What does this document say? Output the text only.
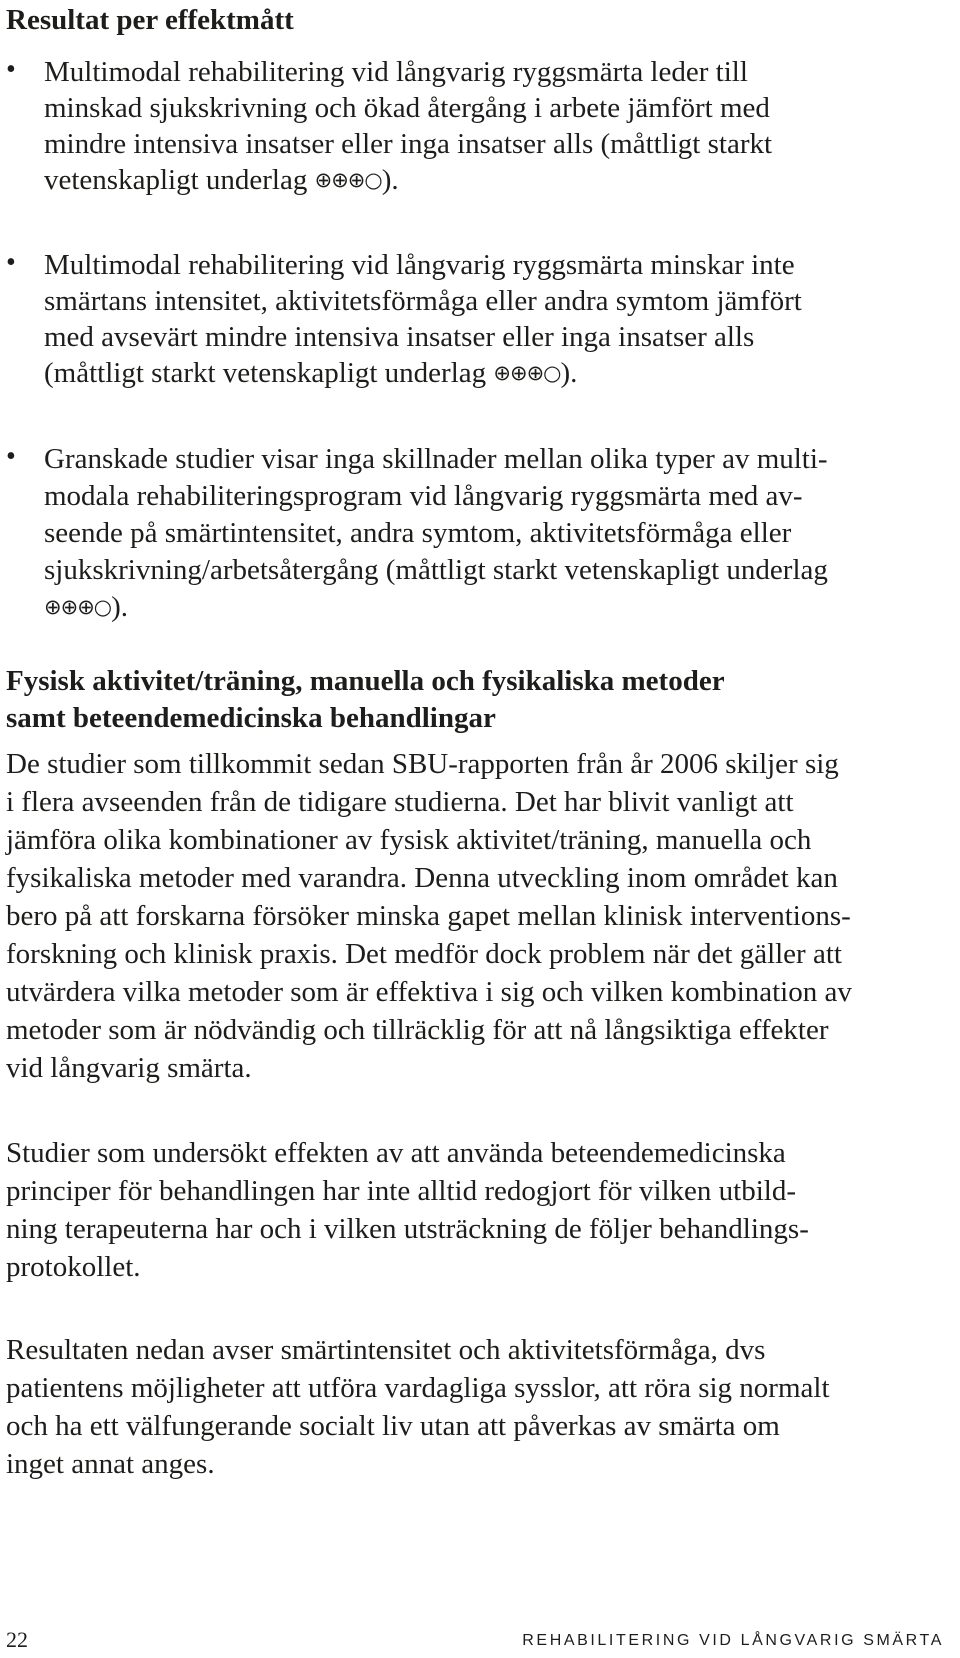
Resultat per effektmått
• Multimodal rehabilitering vid långvarig ryggsmärta leder till

minskad sjukskrivning och ökad återgång i arbete jämfört med

mindre intensiva insatser eller inga insatser alls (måttligt starkt

vetenskapligt underlag ⊕⊕⊕○).

• Multimodal rehabilitering vid långvarig ryggsmärta minskar inte

smärtans intensitet, aktivitetsförmåga eller andra symtom jämfört

med avsevärt mindre intensiva insatser eller inga insatser alls

(måttligt starkt vetenskapligt underlag ⊕⊕⊕○).

• Granskade studier visar inga skillnader mellan olika typer av multi-

modala rehabiliteringsprogram vid långvarig ryggsmärta med av-

seende på smärtintensitet, andra symtom, aktivitetsförmåga eller

sjukskrivning/arbetsåtergång (måttligt starkt vetenskapligt underlag

⊕⊕⊕○).

Fysisk aktivitet/träning, manuella och fysikaliska metoder
samt beteendemedicinska behandlingar

De studier som tillkommit sedan SBU-rapporten från år 2006 skiljer sig

i flera avseenden från de tidigare studierna. Det har blivit vanligt att

jämföra olika kombinationer av fysisk aktivitet/träning, manuella och

fysikaliska metoder med varandra. Denna utveckling inom området kan

bero på att forskarna försöker minska gapet mellan klinisk interventions-

forskning och klinisk praxis. Det medför dock problem när det gäller att

utvärdera vilka metoder som är effektiva i sig och vilken kombination av

metoder som är nödvändig och tillräcklig för att nå långsiktiga effekter

vid långvarig smärta.

Studier som undersökt effekten av att använda beteendemedicinska

principer för behandlingen har inte alltid redogjort för vilken utbild-

ning terapeuterna har och i vilken utsträckning de följer behandlings-

protokollet.

Resultaten nedan avser smärtintensitet och aktivitetsförmåga, dvs

patientens möjligheter att utföra vardagliga sysslor, att röra sig normalt

och ha ett välfungerande socialt liv utan att påverkas av smärta om

inget annat anges.

22	REHABILITERING VID LÅNGVARIG SMÄRTA
